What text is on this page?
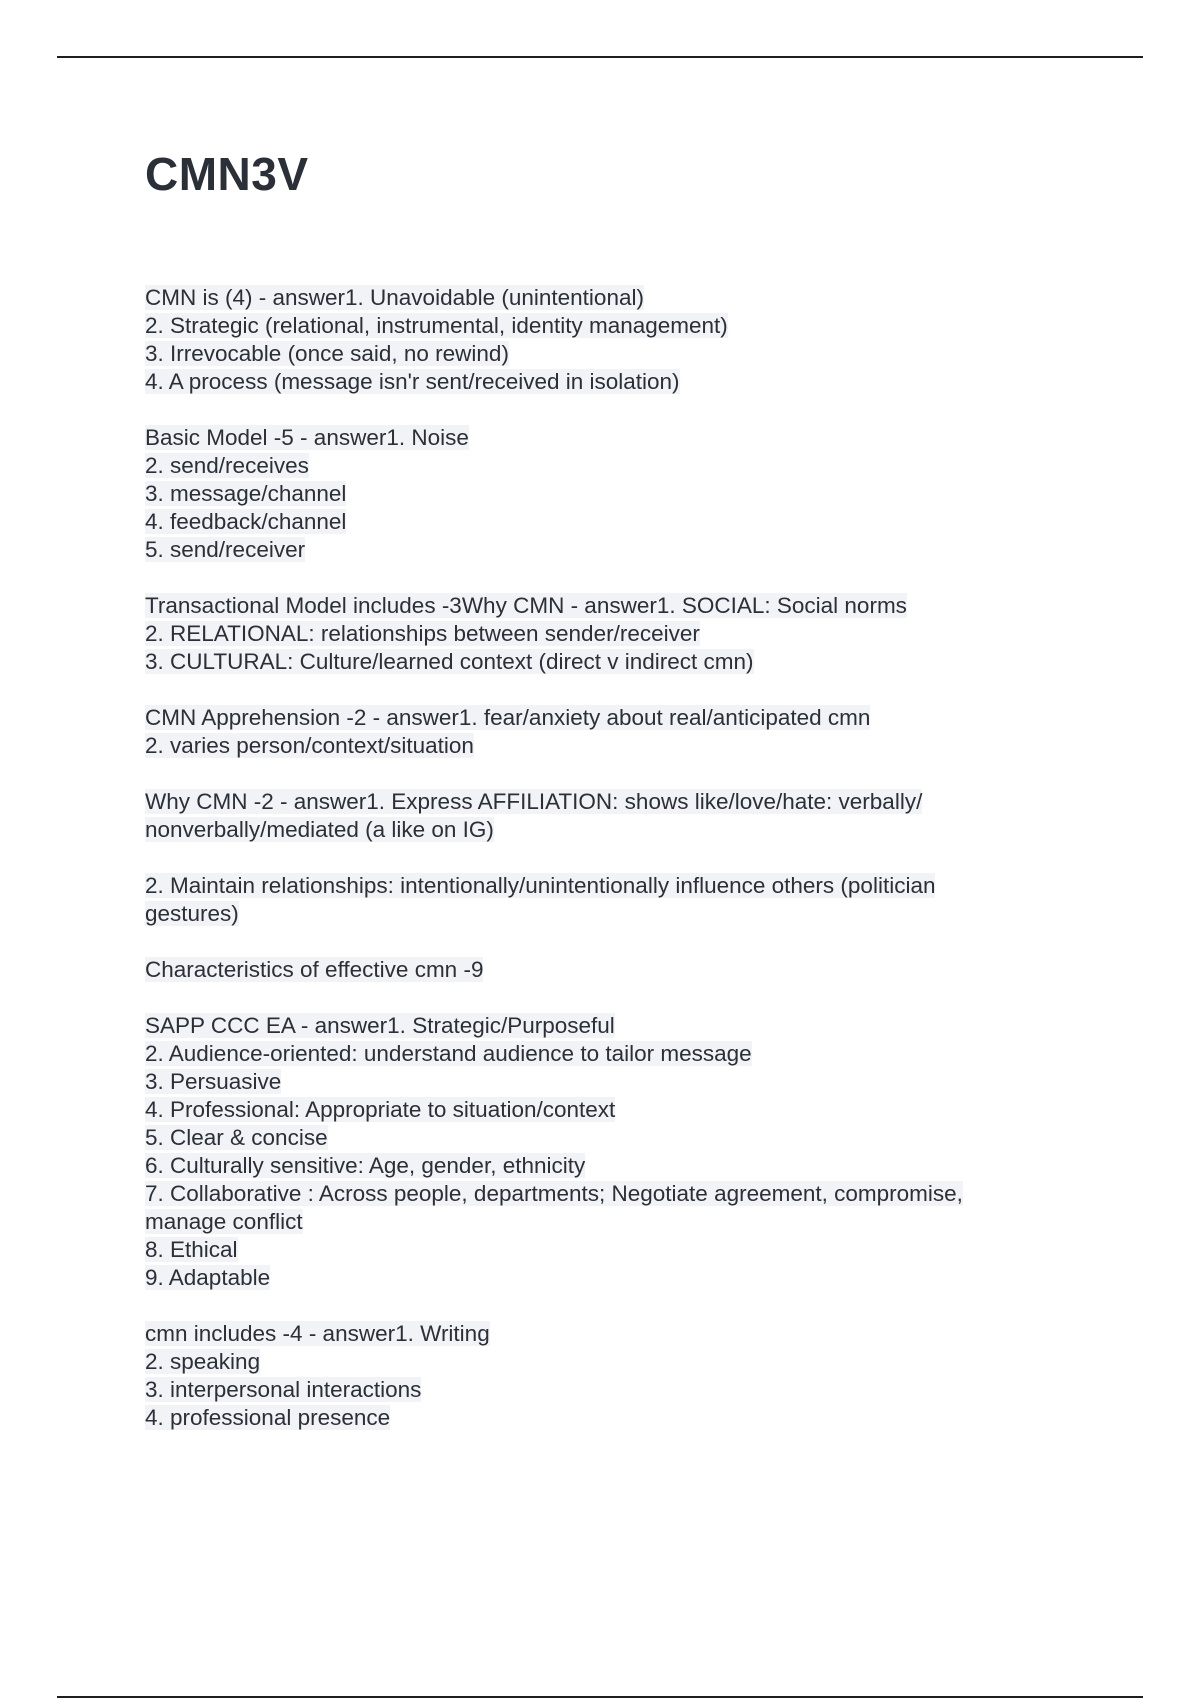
CMN3V
CMN is (4) - answer1. Unavoidable (unintentional)
2. Strategic (relational, instrumental, identity management)
3. Irrevocable (once said, no rewind)
4. A process (message isn'r sent/received in isolation)
Basic Model -5 - answer1. Noise
2. send/receives
3. message/channel
4. feedback/channel
5. send/receiver
Transactional Model includes -3Why CMN - answer1. SOCIAL: Social norms
2. RELATIONAL: relationships between sender/receiver
3. CULTURAL: Culture/learned context (direct v indirect cmn)
CMN Apprehension -2 - answer1. fear/anxiety about real/anticipated cmn
2. varies person/context/situation
Why CMN -2 - answer1. Express AFFILIATION: shows like/love/hate: verbally/
nonverbally/mediated (a like on IG)
2. Maintain relationships: intentionally/unintentionally influence others (politician
gestures)
Characteristics of effective cmn -9
SAPP CCC EA - answer1. Strategic/Purposeful
2. Audience-oriented: understand audience to tailor message
3. Persuasive
4. Professional: Appropriate to situation/context
5. Clear & concise
6. Culturally sensitive: Age, gender, ethnicity
7. Collaborative : Across people, departments; Negotiate agreement, compromise,
manage conflict
8. Ethical
9. Adaptable
cmn includes -4 - answer1. Writing
2. speaking
3. interpersonal interactions
4. professional presence
